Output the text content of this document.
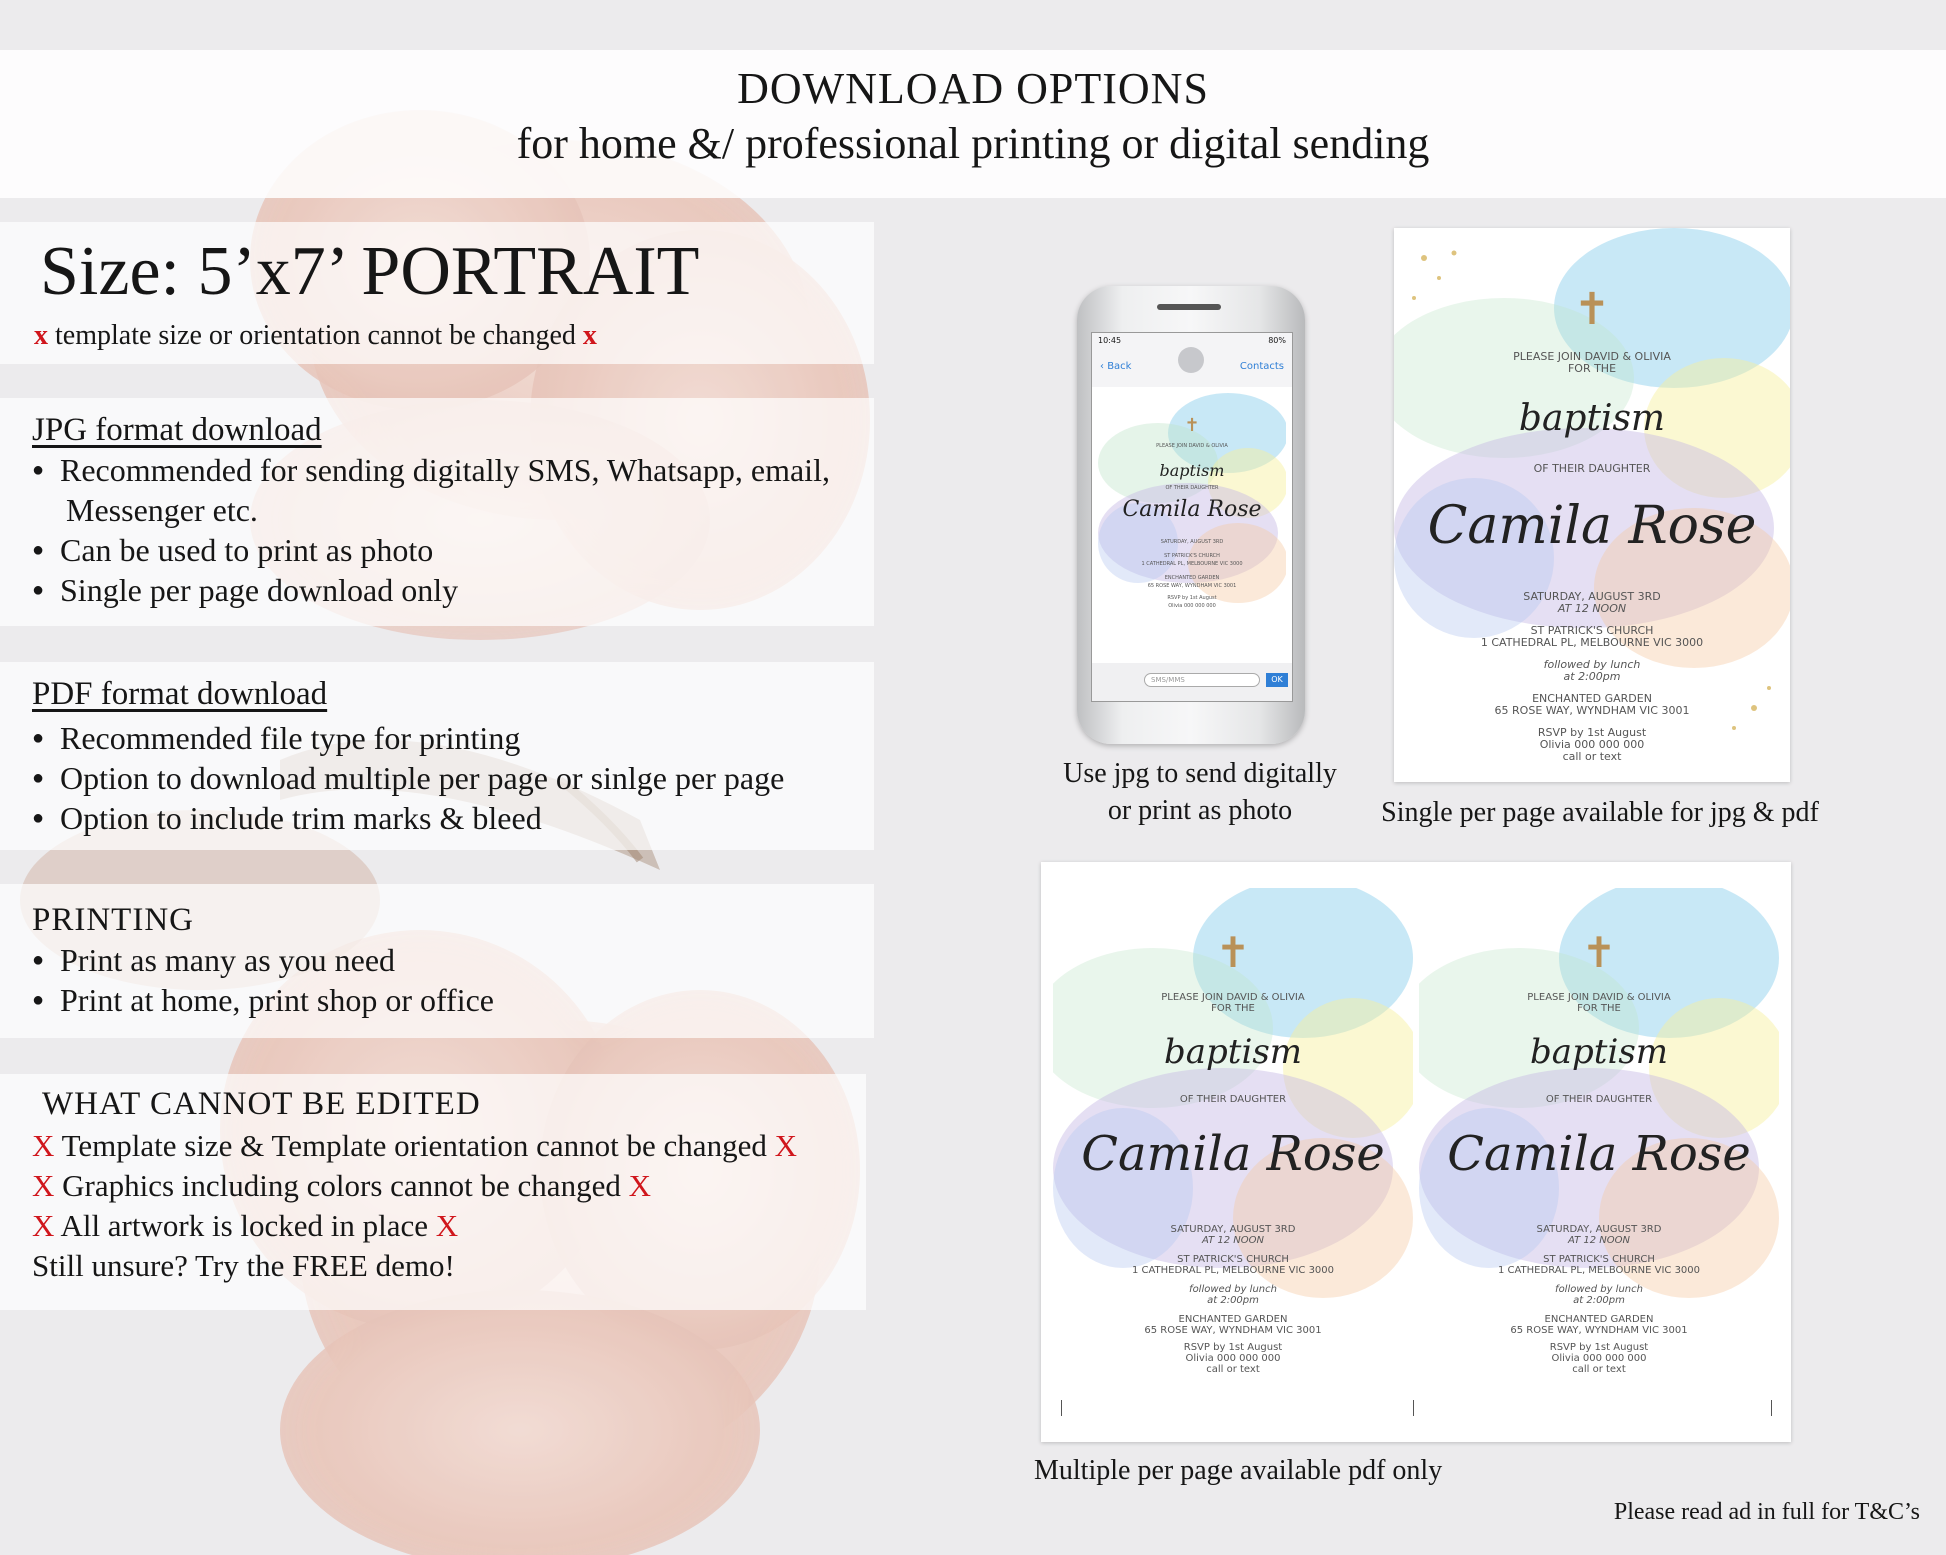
DOWNLOAD OPTIONS
for home &/ professional printing or digital sending
Size: 5’x7’ PORTRAIT
x template size or orientation cannot be changed x
JPG format download
● Recommended for sending digitally SMS, Whatsapp, email,
Messenger etc.
● Can be used to print as photo
● Single per page download only
PDF format download
● Recommended file type for printing
● Option to download multiple per page or sinlge per page
● Option to include trim marks & bleed
PRINTING
● Print as many as you need
● Print at home, print shop or office
WHAT CANNOT BE EDITED
X Template size & Template orientation cannot be changed X
X Graphics including colors cannot be changed X
X All artwork is locked in place X
Still unsure? Try the FREE demo!
10:45	80%
‹ Back	Contacts
✝
PLEASE JOIN DAVID & OLIVIA
baptism
OF THEIR DAUGHTER
Camila Rose
SATURDAY, AUGUST 3RD
ST PATRICK'S CHURCH
1 CATHEDRAL PL, MELBOURNE VIC 3000
ENCHANTED GARDEN
65 ROSE WAY, WYNDHAM VIC 3001
RSVP by 1st August
Olivia 000 000 000
SMS/MMS	OK
Use jpg to send digitally
or print as photo
✝
PLEASE JOIN DAVID & OLIVIA
FOR THE
baptism
OF THEIR DAUGHTER
Camila Rose
SATURDAY, AUGUST 3RD
AT 12 NOON
ST PATRICK'S CHURCH
1 CATHEDRAL PL, MELBOURNE VIC 3000
followed by lunch
at 2:00pm
ENCHANTED GARDEN
65 ROSE WAY, WYNDHAM VIC 3001
RSVP by 1st August
Olivia 000 000 000
call or text
Single per page available for jpg & pdf
✝
PLEASE JOIN DAVID & OLIVIA
FOR THE
baptism
OF THEIR DAUGHTER
Camila Rose
SATURDAY, AUGUST 3RD
AT 12 NOON
ST PATRICK'S CHURCH
1 CATHEDRAL PL, MELBOURNE VIC 3000
followed by lunch
at 2:00pm
ENCHANTED GARDEN
65 ROSE WAY, WYNDHAM VIC 3001
RSVP by 1st August
Olivia 000 000 000
call or text
✝
PLEASE JOIN DAVID & OLIVIA
FOR THE
baptism
OF THEIR DAUGHTER
Camila Rose
SATURDAY, AUGUST 3RD
AT 12 NOON
ST PATRICK'S CHURCH
1 CATHEDRAL PL, MELBOURNE VIC 3000
followed by lunch
at 2:00pm
ENCHANTED GARDEN
65 ROSE WAY, WYNDHAM VIC 3001
RSVP by 1st August
Olivia 000 000 000
call or text
Multiple per page available pdf only
Please read ad in full for T&C’s
